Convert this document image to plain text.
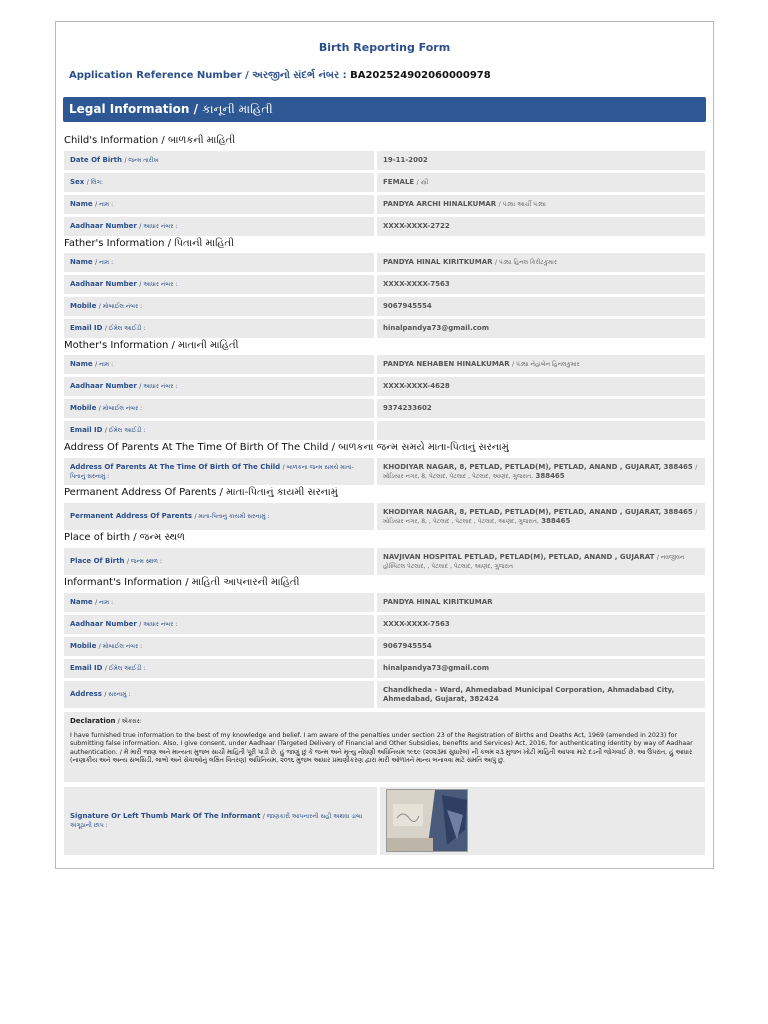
Birth Reporting Form
Application Reference Number / અરજીનો સંદર્ભ નંબર : BA202524902060000978
Legal Information / કાનૂની માહિતી
Child's Information / બાળકની માહિતી
Date Of Birth / જન્મ તારીખ	19-11-2002
Sex / લિંગ:	FEMALE / સ્ત્રી
Name / નામ :	PANDYA ARCHI HINALKUMAR / પંડ્યા આર્ચી પંડ્યા
Aadhaar Number / આધાર નંબર :	XXXX-XXXX-2722
Father's Information / પિતાની માહિતી
Name / નામ :	PANDYA HINAL KIRITKUMAR / પંડ્યા હિનલ કિરીટકુમાર
Aadhaar Number / આધાર નંબર :	XXXX-XXXX-7563
Mobile / મોબાઈલ નંબર :	9067945554
Email ID / ઈમેલ આઈડી :	hinalpandya73@gmail.com
Mother's Information / માતાની માહિતી
Name / નામ :	PANDYA NEHABEN HINALKUMAR / પંડ્યા નેહાબેન હિનલકુમાર
Aadhaar Number / આધાર નંબર :	XXXX-XXXX-4628
Mobile / મોબાઈલ નંબર :	9374233602
Email ID / ઈમેલ આઈડી :
Address Of Parents At The Time Of Birth Of The Child / બાળકના જન્મ સમયે માતા-પિતાનું સરનામું
Address Of Parents At The Time Of Birth Of The Child / બાળકના જન્મ સમયે માતા-પિતાનું સરનામું :
KHODIYAR NAGAR, 8, PETLAD, PETLAD(M), PETLAD, ANAND , GUJARAT, 388465 / ખોડિયાર નગર, 8, પેટલાદ, પેટલાદ , પેટલાદ, આણંદ, ગુજરાત, 388465
Permanent Address Of Parents / માતા-પિતાનું કાયમી સરનામું
Permanent Address Of Parents / માતા-પિતાનું કાયમી સરનામું :
KHODIYAR NAGAR, 8, PETLAD, PETLAD(M), PETLAD, ANAND , GUJARAT, 388465 / ખોડિયાર નગર, 8, , પેટલાદ , પેટલાદ , પેટલાદ, આણંદ, ગુજરાત, 388465
Place of birth / જન્મ સ્થળ
Place Of Birth / જન્મ સ્થળ :
NAVJIVAN HOSPITAL PETLAD, PETLAD(M), PETLAD, ANAND , GUJARAT / નવજીવન હોસ્પિટલ પેટલાદ, , પેટલાદ , પેટલાદ, આણંદ, ગુજરાત
Informant's Information / માહિતી આપનારની માહિતી
Name / નામ :	PANDYA HINAL KIRITKUMAR
Aadhaar Number / આધાર નંબર :	XXXX-XXXX-7563
Mobile / મોબાઈલ નંબર :	9067945554
Email ID / ઈમેલ આઈડી :	hinalpandya73@gmail.com
Address / સરનામું :
Chandkheda - Ward, Ahmedabad Municipal Corporation, Ahmadabad City, Ahmedabad, Gujarat, 382424
Declaration / એકરાર:

I have furnished true information to the best of my knowledge and belief. I am aware of the penalties under section 23 of the Registration of Births and Deaths Act, 1969 (amended in 2023) for submitting false information. Also, I give consent, under Aadhaar (Targeted Delivery of Financial and Other Subsidies, benefits and Services) Act, 2016, for authenticating identity by way of Aadhaar authentication. / મેં મારી જાણ અને માન્યતા મુજબ સાચી માહિતી પૂરી પાડી છે. હું જાણું છું કે જન્મ અને મૃત્યુ નોંધણી અધિનિયમ ૧૯૬૯ (૨૦૨૩માં સુધારેલ) ની કલમ ૨૩ મુજબ ખોટી માહિતી આપવા માટે દંડની જોગવાઈ છે. આ ઉપરાંત, હું આધાર (નાણાકીય અને અન્ય સબસિડી, લાભો અને સેવાઓનું લક્ષિત વિતરણ) અધિનિયમ, ૨૦૧૬ મુજબ આધાર પ્રમાણીકરણ દ્વારા મારી ઓળખને માન્ય બનાવવા માટે સંમતિ આપું છું.

Signature Or Left Thumb Mark Of The Informant / જાણકારી આપનારની સહી અથવા ડાબા અંગૂઠાની છાપ :
